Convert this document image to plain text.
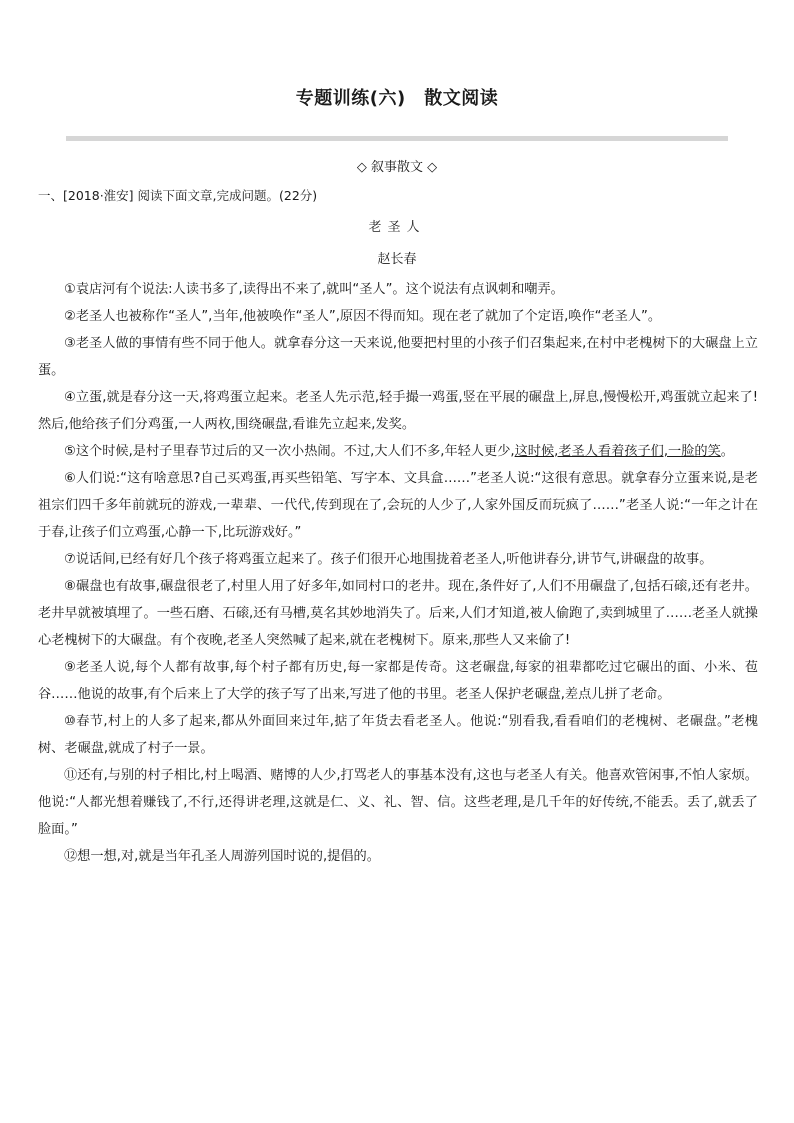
专题训练(六)　散文阅读
◇ 叙事散文 ◇
一、[2018·淮安] 阅读下面文章,完成问题。(22分)
老圣人
赵长春

①袁店河有个说法:人读书多了,读得出不来了,就叫“圣人”。这个说法有点讽刺和嘲弄。

②老圣人也被称作“圣人”,当年,他被唤作“圣人”,原因不得而知。现在老了就加了个定语,唤作“老圣人”。

③老圣人做的事情有些不同于他人。就拿春分这一天来说,他要把村里的小孩子们召集起来,在村中老槐树下的大碾盘上立蛋。

④立蛋,就是春分这一天,将鸡蛋立起来。老圣人先示范,轻手撮一鸡蛋,竖在平展的碾盘上,屏息,慢慢松开,鸡蛋就立起来了!然后,他给孩子们分鸡蛋,一人两枚,围绕碾盘,看谁先立起来,发奖。

⑤这个时候,是村子里春节过后的又一次小热闹。不过,大人们不多,年轻人更少,这时候,老圣人看着孩子们,一脸的笑。

⑥人们说:“这有啥意思?自己买鸡蛋,再买些铅笔、写字本、文具盒……”老圣人说:“这很有意思。就拿春分立蛋来说,是老祖宗们四千多年前就玩的游戏,一辈辈、一代代,传到现在了,会玩的人少了,人家外国反而玩疯了……”老圣人说:“一年之计在于春,让孩子们立鸡蛋,心静一下,比玩游戏好。”

⑦说话间,已经有好几个孩子将鸡蛋立起来了。孩子们很开心地围拢着老圣人,听他讲春分,讲节气,讲碾盘的故事。

⑧碾盘也有故事,碾盘很老了,村里人用了好多年,如同村口的老井。现在,条件好了,人们不用碾盘了,包括石磙,还有老井。老井早就被填埋了。一些石磨、石磙,还有马槽,莫名其妙地消失了。后来,人们才知道,被人偷跑了,卖到城里了……老圣人就操心老槐树下的大碾盘。有个夜晚,老圣人突然喊了起来,就在老槐树下。原来,那些人又来偷了!

⑨老圣人说,每个人都有故事,每个村子都有历史,每一家都是传奇。这老碾盘,每家的祖辈都吃过它碾出的面、小米、苞谷……他说的故事,有个后来上了大学的孩子写了出来,写进了他的书里。老圣人保护老碾盘,差点儿拼了老命。

⑩春节,村上的人多了起来,都从外面回来过年,掂了年货去看老圣人。他说:“别看我,看看咱们的老槐树、老碾盘。”老槐树、老碾盘,就成了村子一景。

⑪还有,与别的村子相比,村上喝酒、赌博的人少,打骂老人的事基本没有,这也与老圣人有关。他喜欢管闲事,不怕人家烦。他说:“人都光想着赚钱了,不行,还得讲老理,这就是仁、义、礼、智、信。这些老理,是几千年的好传统,不能丢。丢了,就丢了脸面。”

⑫想一想,对,就是当年孔圣人周游列国时说的,提倡的。
